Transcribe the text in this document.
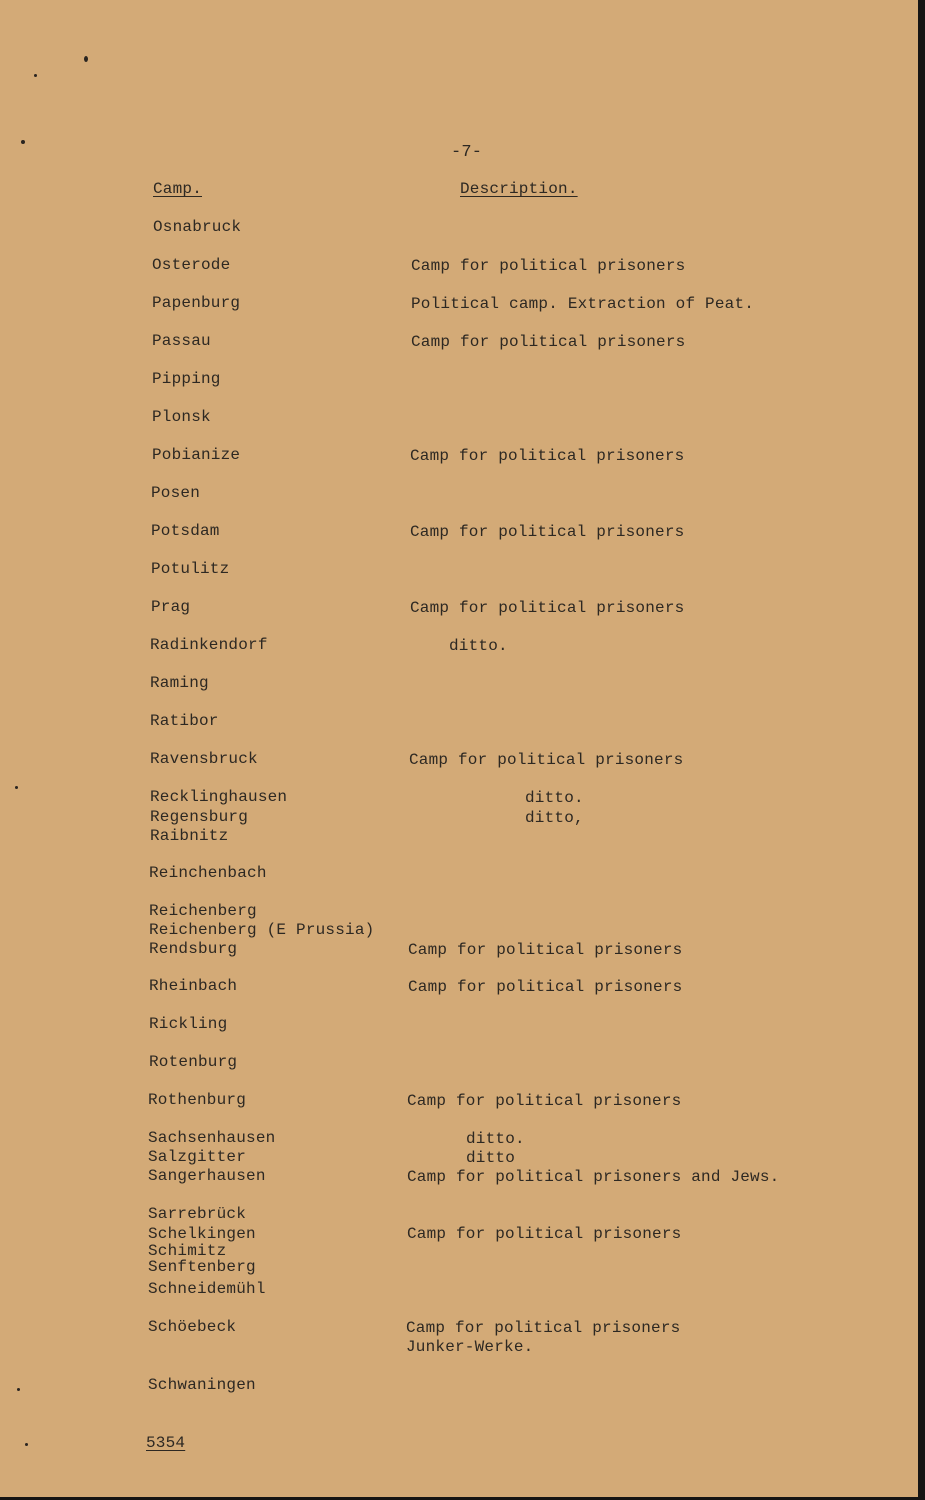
-7-
Camp.	Description.
Osnabruck
Osterode
Papenburg
Passau
Pipping
Plonsk
Pobianize
Posen
Potsdam
Potulitz
Prag
Radinkendorf
Raming
Ratibor
Ravensbruck
Recklinghausen
Regensburg
Raibnitz
Reinchenbach
Reichenberg
Reichenberg (E Prussia)
Rendsburg
Rheinbach
Rickling
Rotenburg
Rothenburg
Sachsenhausen
Salzgitter
Sangerhausen
Sarrebrück
Schelkingen
Schimitz
Senftenberg
Schneidemühl
Schöebeck
Schwaningen
Camp for political prisoners
Political camp. Extraction of Peat.
Camp for political prisoners
Camp for political prisoners
Camp for political prisoners
Camp for political prisoners
ditto.
Camp for political prisoners
ditto.
ditto,
Camp for political prisoners
Camp for political prisoners
Camp for political prisoners
ditto.
ditto
Camp for political prisoners and Jews.
Camp for political prisoners
Camp for political prisoners
Junker-Werke.
5354
